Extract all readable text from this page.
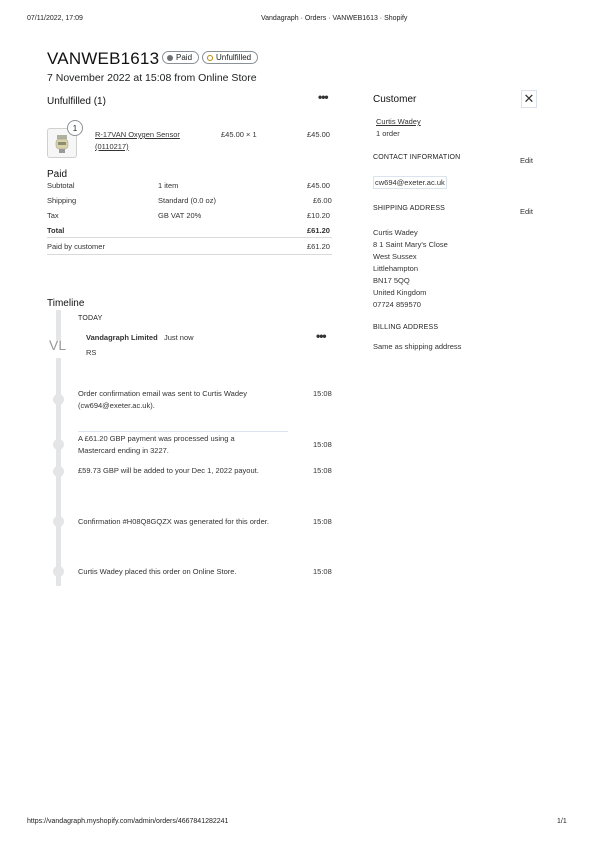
07/11/2022, 17:09	Vandagraph · Orders · VANWEB1613 · Shopify
VANWEB1613 Paid	Unfulfilled
7 November 2022 at 15:08 from Online Store
Unfulfilled (1)	•••
1
R-17VAN Oxygen Sensor
(0110217)
£45.00 × 1	£45.00
Paid
Subtotal	1 item	£45.00
Shipping	Standard (0.0 oz)	£6.00
Tax	GB VAT 20%	£10.20
Total	£61.20
Paid by customer	£61.20
Timeline
TODAY
VL	Vandagraph Limited Just now
RS
•••
Order confirmation email was sent to Curtis Wadey
(cw694@exeter.ac.uk).
15:08
A £61.20 GBP payment was processed using a
Mastercard ending in 3227.
15:08
£59.73 GBP will be added to your Dec 1, 2022 payout.	15:08
Confirmation #H08Q8GQZX was generated for this order.	15:08
Curtis Wadey placed this order on Online Store.	15:08
Customer	✕
Curtis Wadey
1 order
CONTACT INFORMATION	Edit
cw694@exeter.ac.uk
SHIPPING ADDRESS	Edit
Curtis Wadey
8 1 Saint Mary's Close
West Sussex
Littlehampton
BN17 5QQ
United Kingdom
07724 859570
BILLING ADDRESS
Same as shipping address
https://vandagraph.myshopify.com/admin/orders/4667841282241	1/1
